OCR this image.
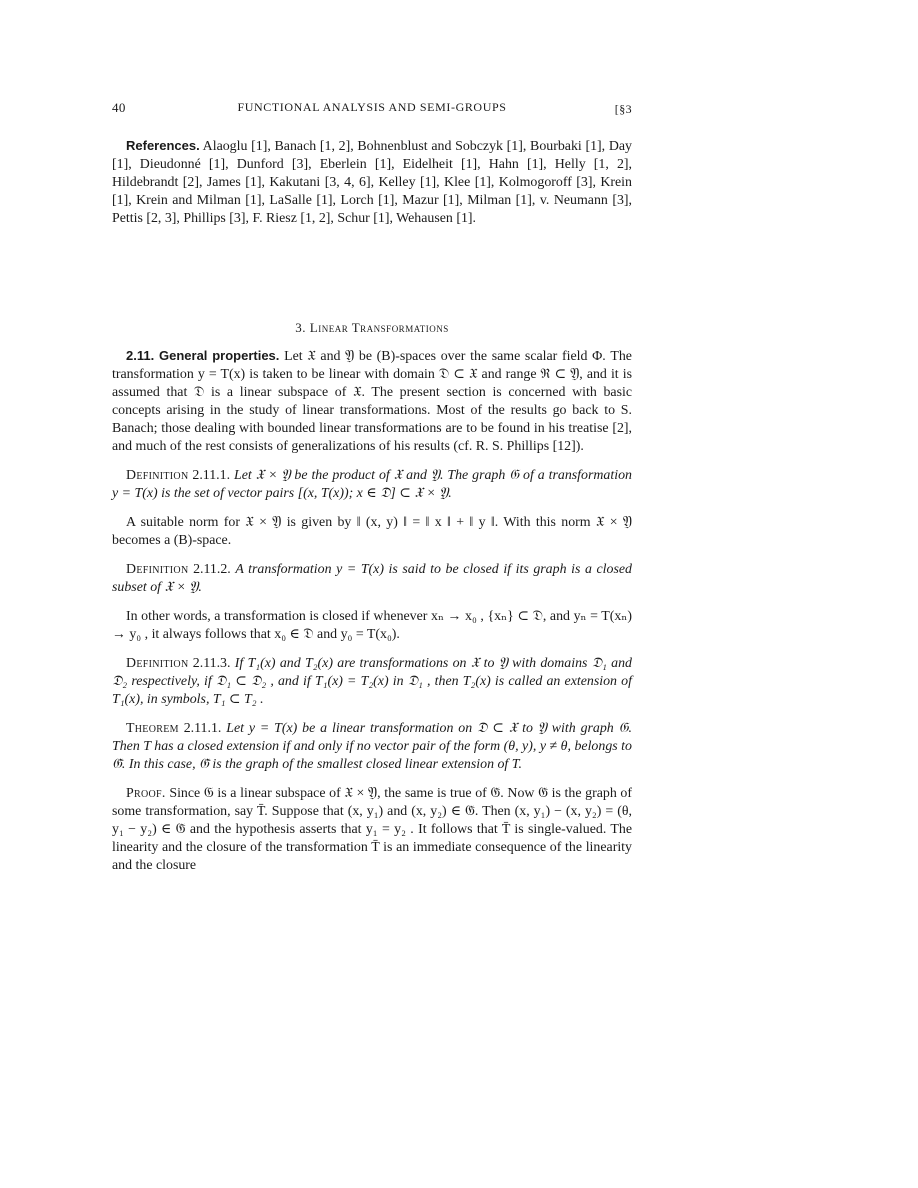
40	FUNCTIONAL ANALYSIS AND SEMI-GROUPS	[§3

References. Alaoglu [1], Banach [1, 2], Bohnenblust and Sobczyk [1], Bourbaki [1], Day [1], Dieudonné [1], Dunford [3], Eberlein [1], Eidelheit [1], Hahn [1], Helly [1, 2], Hildebrandt [2], James [1], Kakutani [3, 4, 6], Kelley [1], Klee [1], Kolmogoroff [3], Krein [1], Krein and Milman [1], LaSalle [1], Lorch [1], Mazur [1], Milman [1], v. Neumann [3], Pettis [2, 3], Phillips [3], F. Riesz [1, 2], Schur [1], Wehausen [1].

3. Linear Transformations

2.11. General properties. Let 𝔛 and 𝔜 be (B)-spaces over the same scalar field Φ. The transformation y = T(x) is taken to be linear with domain 𝔇 ⊂ 𝔛 and range ℜ ⊂ 𝔜, and it is assumed that 𝔇 is a linear subspace of 𝔛. The present section is concerned with basic concepts arising in the study of linear transformations. Most of the results go back to S. Banach; those dealing with bounded linear transformations are to be found in his treatise [2], and much of the rest consists of generalizations of his results (cf. R. S. Phillips [12]).

Definition 2.11.1. Let 𝔛 × 𝔜 be the product of 𝔛 and 𝔜. The graph 𝔊 of a transformation y = T(x) is the set of vector pairs [(x, T(x)); x ∈ 𝔇] ⊂ 𝔛 × 𝔜.

A suitable norm for 𝔛 × 𝔜 is given by ‖ (x, y) ‖ = ‖ x ‖ + ‖ y ‖. With this norm 𝔛 × 𝔜 becomes a (B)-space.

Definition 2.11.2. A transformation y = T(x) is said to be closed if its graph is a closed subset of 𝔛 × 𝔜.

In other words, a transformation is closed if whenever xₙ → x₀ , {xₙ} ⊂ 𝔇, and yₙ = T(xₙ) → y₀ , it always follows that x₀ ∈ 𝔇 and y₀ = T(x₀).

Definition 2.11.3. If T₁(x) and T₂(x) are transformations on 𝔛 to 𝔜 with domains 𝔇₁ and 𝔇₂ respectively, if 𝔇₁ ⊂ 𝔇₂ , and if T₁(x) = T₂(x) in 𝔇₁ , then T₂(x) is called an extension of T₁(x), in symbols, T₁ ⊂ T₂ .

Theorem 2.11.1. Let y = T(x) be a linear transformation on 𝔇 ⊂ 𝔛 to 𝔜 with graph 𝔊. Then T has a closed extension if and only if no vector pair of the form (θ, y), y ≠ θ, belongs to 𝔊̄. In this case, 𝔊̄ is the graph of the smallest closed linear extension of T.

Proof. Since 𝔊 is a linear subspace of 𝔛 × 𝔜, the same is true of 𝔊̄. Now 𝔊̄ is the graph of some transformation, say T̄. Suppose that (x, y₁) and (x, y₂) ∈ 𝔊̄. Then (x, y₁) − (x, y₂) = (θ, y₁ − y₂) ∈ 𝔊̄ and the hypothesis asserts that y₁ = y₂ . It follows that T̄ is single-valued. The linearity and the closure of the transformation T̄ is an immediate consequence of the linearity and the closure
